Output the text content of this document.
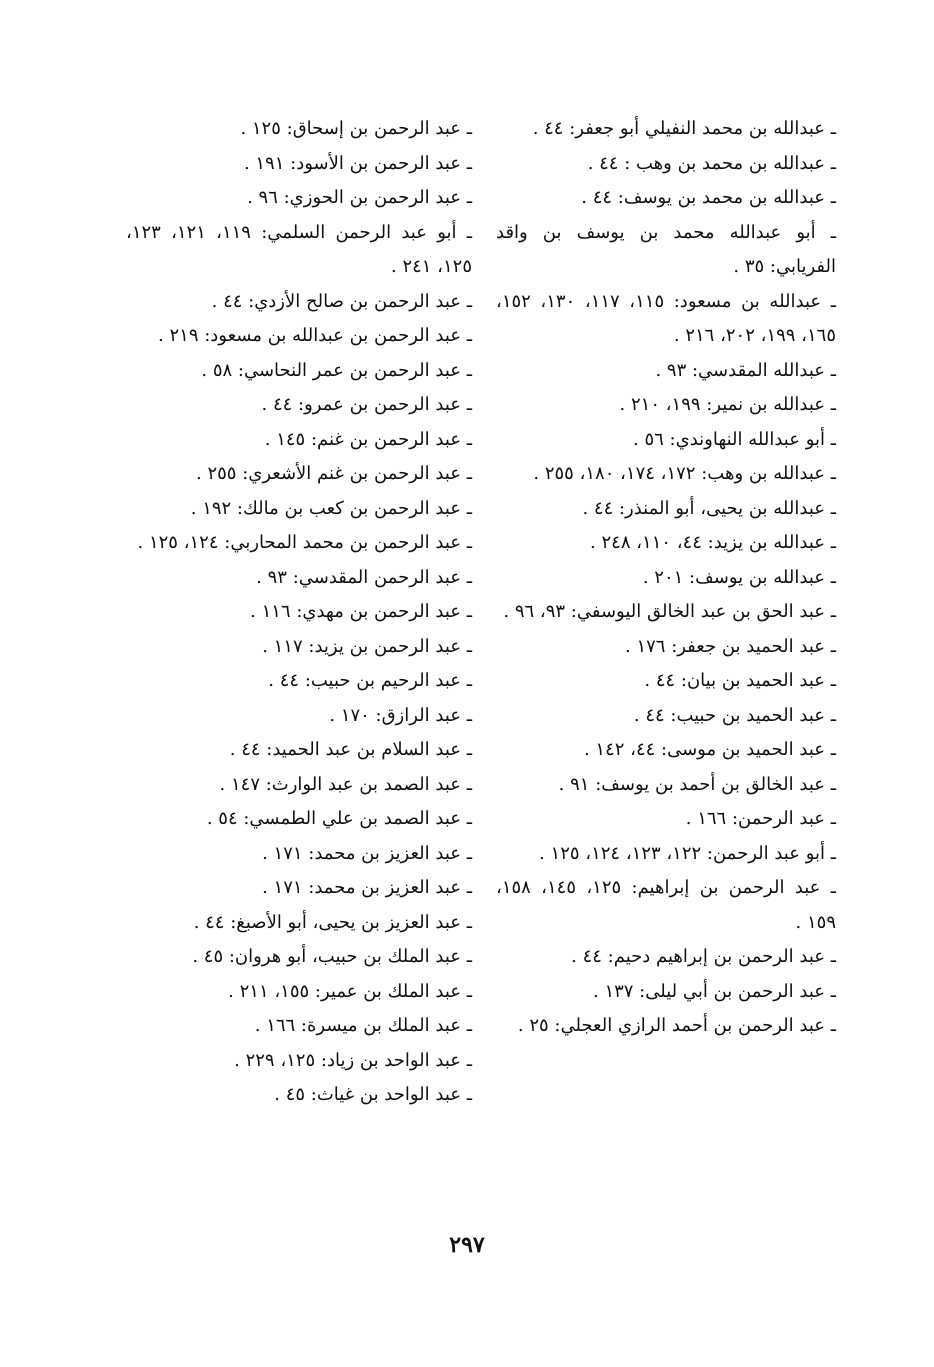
ـ عبدالله بن محمد النفيلي أبو جعفر: ٤٤ .
ـ عبدالله بن محمد بن وهب : ٤٤ .
ـ عبدالله بن محمد بن يوسف: ٤٤ .
ـ أبو عبدالله محمد بن يوسف بن واقد الفريابي: ٣٥ .
ـ عبدالله بن مسعود: ١١٥، ١١٧، ١٣٠، ١٥٢، ١٦٥، ١٩٩، ٢٠٢، ٢١٦ .
ـ عبدالله المقدسي: ٩٣ .
ـ عبدالله بن نمير: ١٩٩، ٢١٠ .
ـ أبو عبدالله النهاوندي: ٥٦ .
ـ عبدالله بن وهب: ١٧٢، ١٧٤، ١٨٠، ٢٥٥ .
ـ عبدالله بن يحيى، أبو المنذر: ٤٤ .
ـ عبدالله بن يزيد: ٤٤، ١١٠، ٢٤٨ .
ـ عبدالله بن يوسف: ٢٠١ .
ـ عبد الحق بن عبد الخالق اليوسفي: ٩٣، ٩٦ .
ـ عبد الحميد بن جعفر: ١٧٦ .
ـ عبد الحميد بن بيان: ٤٤ .
ـ عبد الحميد بن حبيب: ٤٤ .
ـ عبد الحميد بن موسى: ٤٤، ١٤٢ .
ـ عبد الخالق بن أحمد بن يوسف: ٩١ .
ـ عبد الرحمن: ١٦٦ .
ـ أبو عبد الرحمن: ١٢٢، ١٢٣، ١٢٤، ١٢٥ .
ـ عبد الرحمن بن إبراهيم: ١٢٥، ١٤٥، ١٥٨، ١٥٩ .
ـ عبد الرحمن بن إبراهيم دحيم: ٤٤ .
ـ عبد الرحمن بن أبي ليلى: ١٣٧ .
ـ عبد الرحمن بن أحمد الرازي العجلي: ٢٥ .
ـ عبد الرحمن بن إسحاق: ١٢٥ .
ـ عبد الرحمن بن الأسود: ١٩١ .
ـ عبد الرحمن بن الحوزي: ٩٦ .
ـ أبو عبد الرحمن السلمي: ١١٩، ١٢١، ١٢٣، ١٢٥، ٢٤١ .
ـ عبد الرحمن بن صالح الأزدي: ٤٤ .
ـ عبد الرحمن بن عبدالله بن مسعود: ٢١٩ .
ـ عبد الرحمن بن عمر النحاسي: ٥٨ .
ـ عبد الرحمن بن عمرو: ٤٤ .
ـ عبد الرحمن بن غنم: ١٤٥ .
ـ عبد الرحمن بن غنم الأشعري: ٢٥٥ .
ـ عبد الرحمن بن كعب بن مالك: ١٩٢ .
ـ عبد الرحمن بن محمد المحاربي: ١٢٤، ١٢٥ .
ـ عبد الرحمن المقدسي: ٩٣ .
ـ عبد الرحمن بن مهدي: ١١٦ .
ـ عبد الرحمن بن يزيد: ١١٧ .
ـ عبد الرحيم بن حبيب: ٤٤ .
ـ عبد الرازق: ١٧٠ .
ـ عبد السلام بن عبد الحميد: ٤٤ .
ـ عبد الصمد بن عبد الوارث: ١٤٧ .
ـ عبد الصمد بن علي الطمسي: ٥٤ .
ـ عبد العزيز بن محمد: ١٧١ .
ـ عبد العزيز بن محمد: ١٧١ .
ـ عبد العزيز بن يحيى، أبو الأصبغ: ٤٤ .
ـ عبد الملك بن حبيب، أبو هروان: ٤٥ .
ـ عبد الملك بن عمير: ١٥٥، ٢١١ .
ـ عبد الملك بن ميسرة: ١٦٦ .
ـ عبد الواحد بن زياد: ١٢٥، ٢٢٩ .
ـ عبد الواحد بن غياث: ٤٥ .
٢٩٧
